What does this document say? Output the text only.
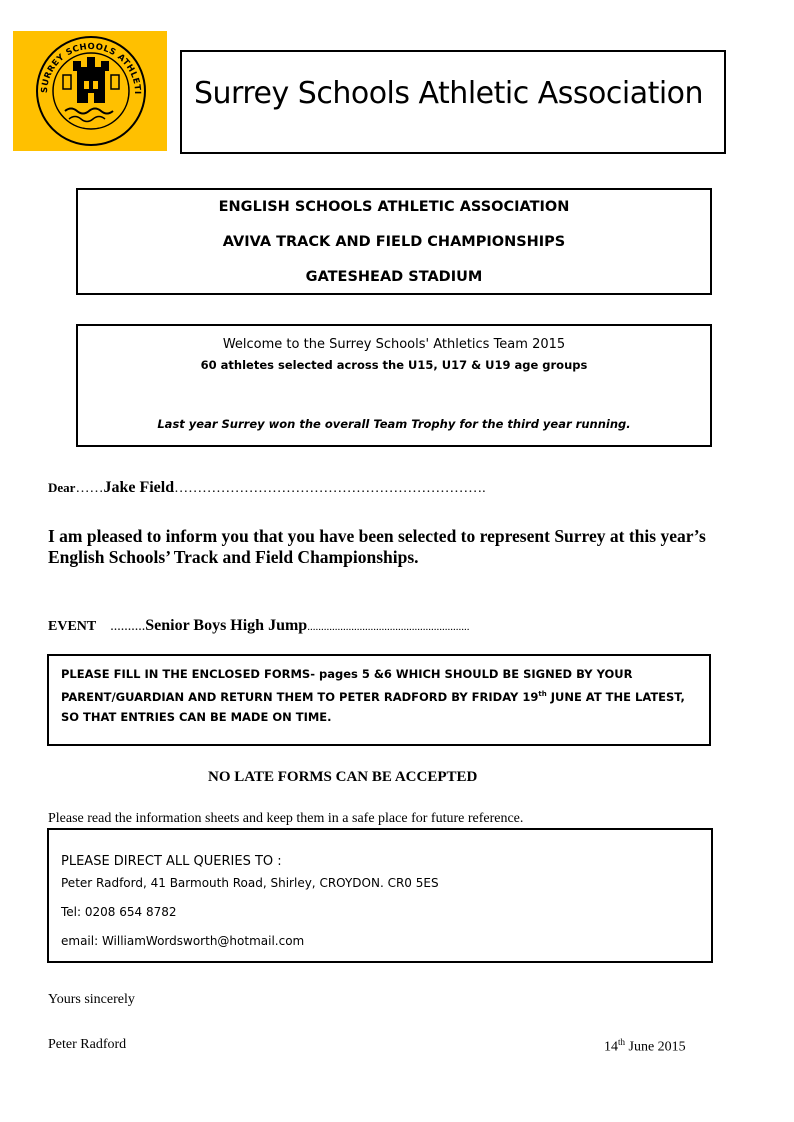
SURREY SCHOOLS ATHLETI Surrey Schools Athletic Association
ENGLISH SCHOOLS ATHLETIC ASSOCIATION
AVIVA TRACK AND FIELD CHAMPIONSHIPS
GATESHEAD STADIUM
Welcome to the Surrey Schools' Athletics Team 2015
60 athletes selected across the U15, U17 & U19 age groups
Last year Surrey won the overall Team Trophy for the third year running.
Dear……Jake Field………………………………………………………….
I am pleased to inform you that you have been selected to represent Surrey at this year’s English Schools’ Track and Field Championships.
EVENT ..........Senior Boys High Jump...........................................................
PLEASE FILL IN THE ENCLOSED FORMS- pages 5 &6 WHICH SHOULD BE SIGNED BY YOUR PARENT/GUARDIAN AND RETURN THEM TO PETER RADFORD BY FRIDAY 19th JUNE AT THE LATEST, SO THAT ENTRIES CAN BE MADE ON TIME.
NO LATE FORMS CAN BE ACCEPTED
Please read the information sheets and keep them in a safe place for future reference.
PLEASE DIRECT ALL QUERIES TO :
Peter Radford, 41 Barmouth Road, Shirley, CROYDON. CR0 5ES
Tel: 0208 654 8782
email: WilliamWordsworth@hotmail.com
Yours sincerely
Peter Radford	14th June 2015
